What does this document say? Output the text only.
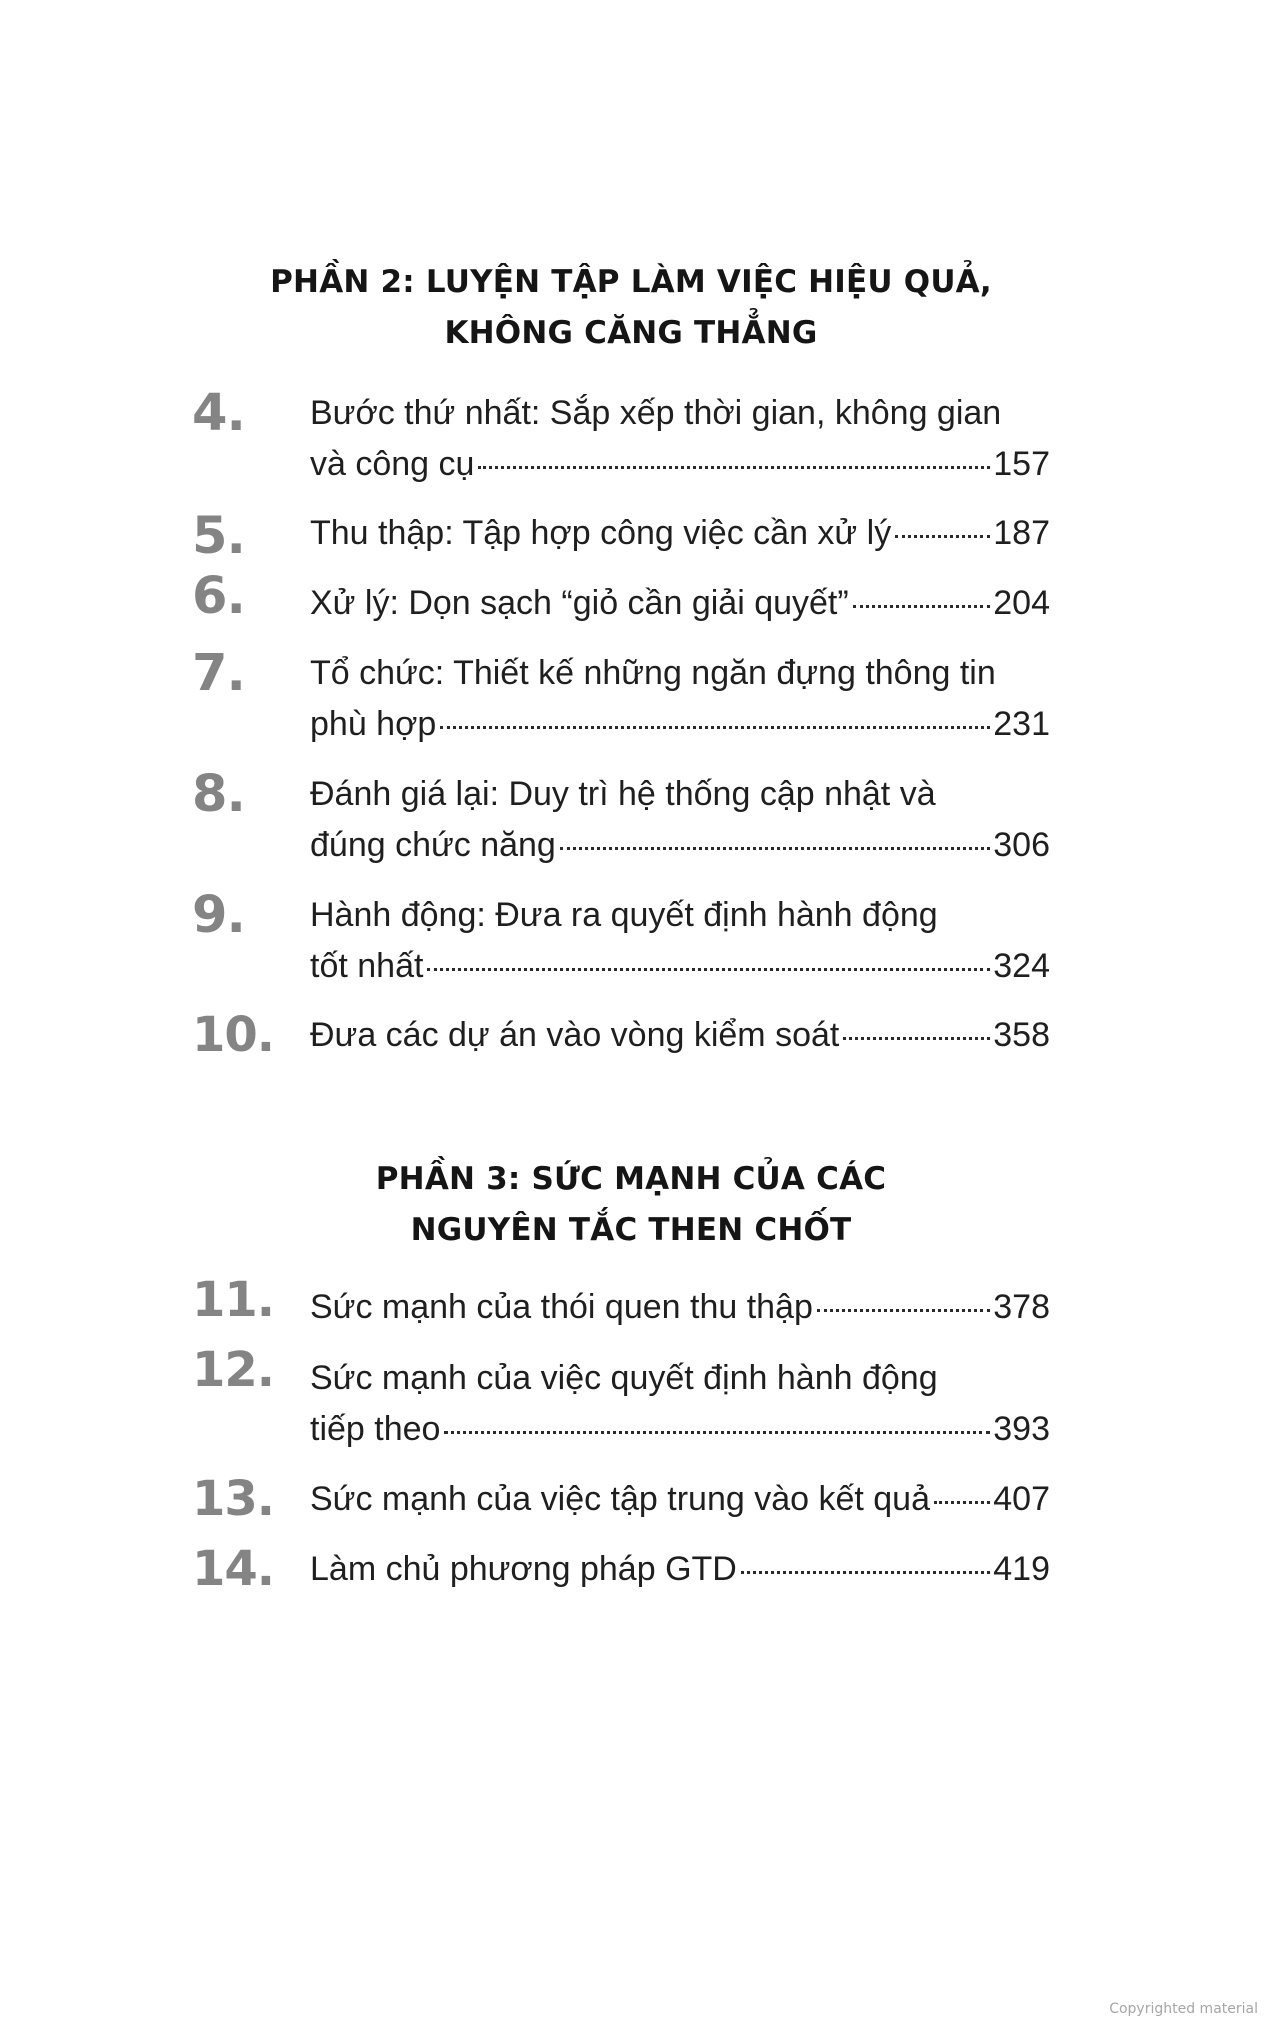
PHẦN 2: LUYỆN TẬP LÀM VIỆC HIỆU QUẢ,
KHÔNG CĂNG THẲNG
4. Bước thứ nhất: Sắp xếp thời gian, không gian
và công cụ	157
5. Thu thập: Tập hợp công việc cần xử lý	187
6. Xử lý: Dọn sạch “giỏ cần giải quyết”	204
7. Tổ chức: Thiết kế những ngăn đựng thông tin
phù hợp	231
8. Đánh giá lại: Duy trì hệ thống cập nhật và
đúng chức năng	306
9. Hành động: Đưa ra quyết định hành động
tốt nhất	324
10. Đưa các dự án vào vòng kiểm soát	358
PHẦN 3: SỨC MẠNH CỦA CÁC
NGUYÊN TẮC THEN CHỐT
11. Sức mạnh của thói quen thu thập	378
12. Sức mạnh của việc quyết định hành động
tiếp theo	393
13. Sức mạnh của việc tập trung vào kết quả 407
14. Làm chủ phương pháp GTD	419
Copyrighted material
